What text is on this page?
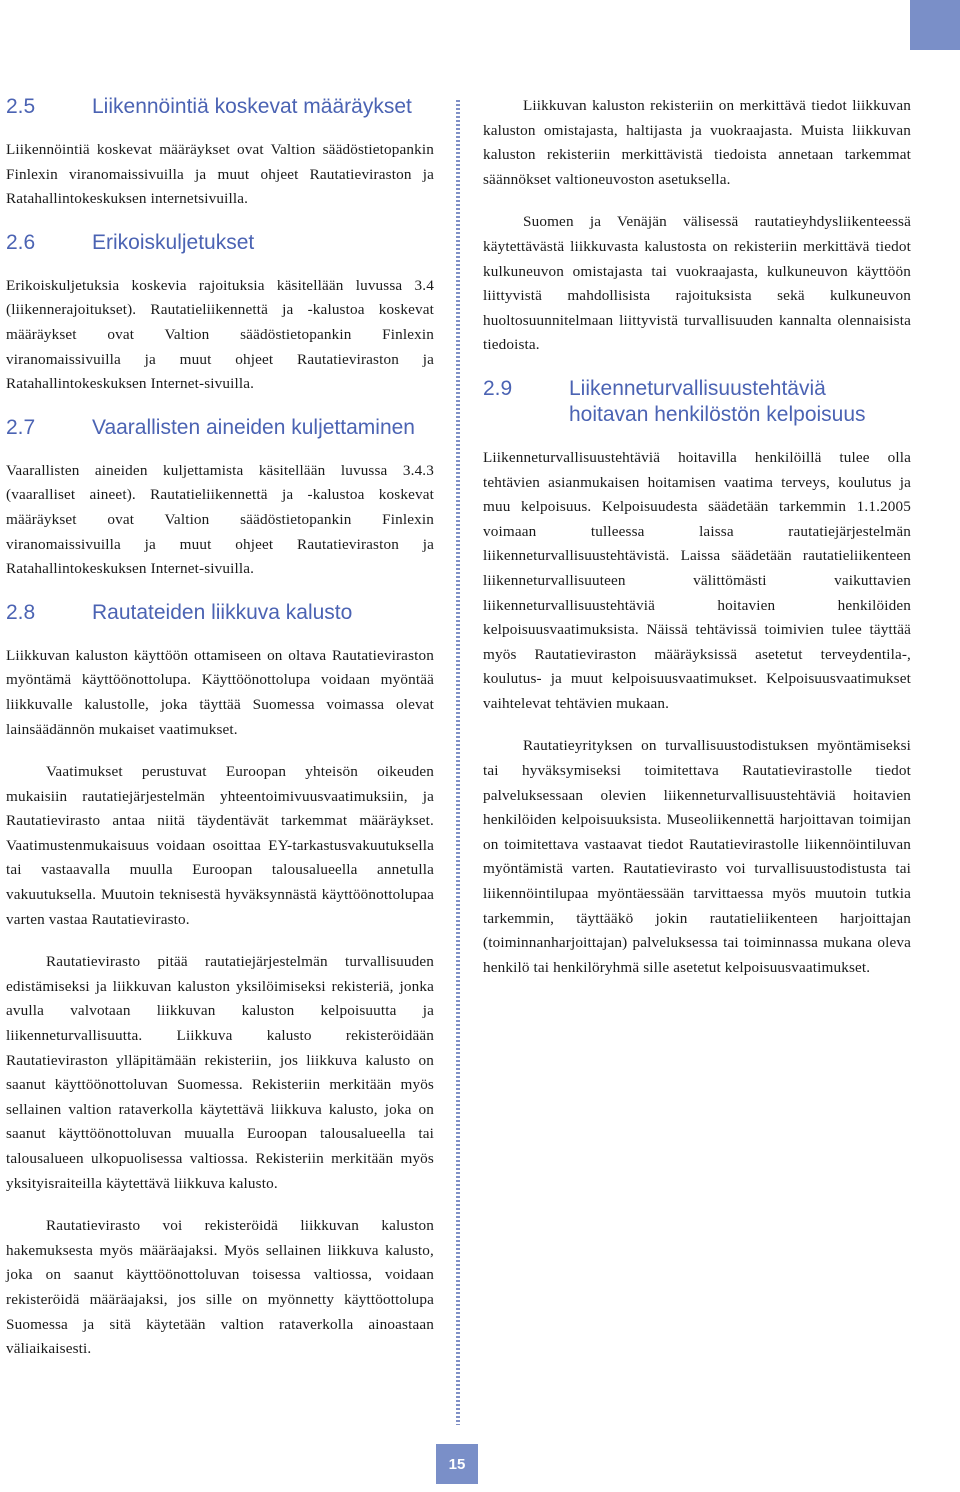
2.5	Liikennöintiä koskevat määräykset

Liikennöintiä koskevat määräykset ovat Valtion säädöstietopankin Finlexin viranomaissivuilla ja muut ohjeet Rautatieviraston ja Ratahallintokeskuksen internetsivuilla.

2.6	Erikoiskuljetukset

Erikoiskuljetuksia koskevia rajoituksia käsitellään luvussa 3.4 (liikennerajoitukset). Rautatieliikennettä ja -kalustoa koskevat määräykset ovat Valtion säädöstietopankin Finlexin viranomaissivuilla ja muut ohjeet Rautatieviraston ja Ratahallintokeskuksen Internet-sivuilla.

2.7	Vaarallisten aineiden kuljettaminen

Vaarallisten aineiden kuljettamista käsitellään luvussa 3.4.3 (vaaralliset aineet). Rautatieliikennettä ja -kalustoa koskevat määräykset ovat Valtion säädöstietopankin Finlexin viranomaissivuilla ja muut ohjeet Rautatieviraston ja Ratahallintokeskuksen Internet-sivuilla.

2.8	Rautateiden liikkuva kalusto

Liikkuvan kaluston käyttöön ottamiseen on oltava Rautatieviraston myöntämä käyttöönottolupa. Käyttöönottolupa voidaan myöntää liikkuvalle kalustolle, joka täyttää Suomessa voimassa olevat lainsäädännön mukaiset vaatimukset.

Vaatimukset perustuvat Euroopan yhteisön oikeuden mukaisiin rautatiejärjestelmän yhteentoimivuusvaatimuksiin, ja Rautatievirasto antaa niitä täydentävät tarkemmat määräykset. Vaatimustenmukaisuus voidaan osoittaa EY-tarkastusvakuutuksella tai vastaavalla muulla Euroopan talousalueella annetulla vakuutuksella. Muutoin teknisestä hyväksynnästä käyttöönottolupaa varten vastaa Rautatievirasto.

Rautatievirasto pitää rautatiejärjestelmän turvallisuuden edistämiseksi ja liikkuvan kaluston yksilöimiseksi rekisteriä, jonka avulla valvotaan liikkuvan kaluston kelpoisuutta ja liikenneturvallisuutta. Liikkuva kalusto rekisteröidään Rautatieviraston ylläpitämään rekisteriin, jos liikkuva kalusto on saanut käyttöönottoluvan Suomessa. Rekisteriin merkitään myös sellainen valtion rataverkolla käytettävä liikkuva kalusto, joka on saanut käyttöönottoluvan muualla Euroopan talousalueella tai talousalueen ulkopuolisessa valtiossa. Rekisteriin merkitään myös yksityisraiteilla käytettävä liikkuva kalusto.

Rautatievirasto voi rekisteröidä liikkuvan kaluston hakemuksesta myös määräajaksi. Myös sellainen liikkuva kalusto, joka on saanut käyttöönottoluvan toisessa valtiossa, voidaan rekisteröidä määräajaksi, jos sille on myönnetty käyttöottolupa Suomessa ja sitä käytetään valtion rataverkolla ainoastaan väliaikaisesti.

Liikkuvan kaluston rekisteriin on merkittävä tiedot liikkuvan kaluston omistajasta, haltijasta ja vuokraajasta. Muista liikkuvan kaluston rekisteriin merkittävistä tiedoista annetaan tarkemmat säännökset valtioneuvoston asetuksella.

Suomen ja Venäjän välisessä rautatieyhdysliikenteessä käytettävästä liikkuvasta kalustosta on rekisteriin merkittävä tiedot kulkuneuvon omistajasta tai vuokraajasta, kulkuneuvon käyttöön liittyvistä mahdollisista rajoituksista sekä kulkuneuvon huoltosuunnitelmaan liittyvistä turvallisuuden kannalta olennaisista tiedoista.

2.9	Liikenneturvallisuustehtäviä hoitavan henkilöstön kelpoisuus

Liikenneturvallisuustehtäviä hoitavilla henkilöillä tulee olla tehtävien asianmukaisen hoitamisen vaatima terveys, koulutus ja muu kelpoisuus. Kelpoisuudesta säädetään tarkemmin 1.1.2005 voimaan tulleessa laissa rautatiejärjestelmän liikenneturvallisuustehtävistä. Laissa säädetään rautatieliikenteen liikenneturvallisuuteen välittömästi vaikuttavien liikenneturvallisuustehtäviä hoitavien henkilöiden kelpoisuusvaatimuksista. Näissä tehtävissä toimivien tulee täyttää myös Rautatieviraston määräyksissä asetetut terveydentila-, koulutus- ja muut kelpoisuusvaatimukset. Kelpoisuusvaatimukset vaihtelevat tehtävien mukaan.

Rautatieyrityksen on turvallisuustodistuksen myöntämiseksi tai hyväksymiseksi toimitettava Rautatievirastolle tiedot palveluksessaan olevien liikenneturvallisuustehtäviä hoitavien henkilöiden kelpoisuuksista. Museoliikennettä harjoittavan toimijan on toimitettava vastaavat tiedot Rautatievirastolle liikennöintiluvan myöntämistä varten. Rautatievirasto voi turvallisuustodistusta tai liikennöintilupaa myöntäessään tarvittaessa myös muutoin tutkia tarkemmin, täyttääkö jokin rautatieliikenteen harjoittajan (toiminnanharjoittajan) palveluksessa tai toiminnassa mukana oleva henkilö tai henkilöryhmä sille asetetut kelpoisuusvaatimukset.

15
